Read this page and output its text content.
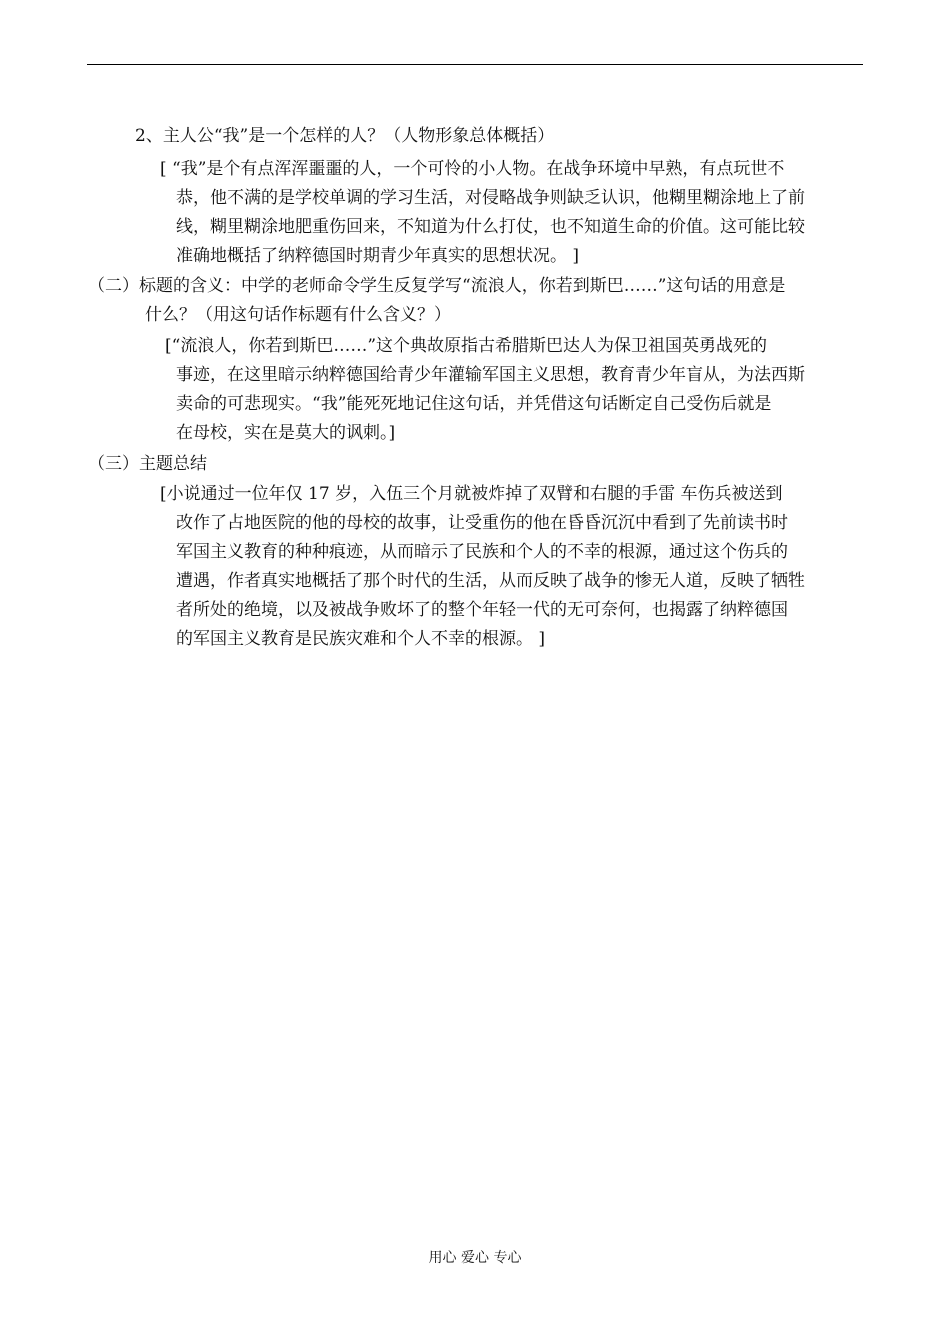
2、主人公“我”是一个怎样的人？（人物形象总体概括）
[ “我”是个有点浑浑噩噩的人，一个可怜的小人物。在战争环境中早熟，有点玩世不
恭，他不满的是学校单调的学习生活，对侵略战争则缺乏认识，他糊里糊涂地上了前
线，糊里糊涂地肥重伤回来，不知道为什么打仗，也不知道生命的价值。这可能比较
准确地概括了纳粹德国时期青少年真实的思想状况。 ]
（二）标题的含义：中学的老师命令学生反复学写“流浪人，你若到斯巴……”这句话的用意是
什么？（用这句话作标题有什么含义？）
[“流浪人，你若到斯巴……”这个典故原指古希腊斯巴达人为保卫祖国英勇战死的
事迹，在这里暗示纳粹德国给青少年灌输军国主义思想，教育青少年盲从，为法西斯
卖命的可悲现实。“我”能死死地记住这句话，并凭借这句话断定自己受伤后就是
在母校，实在是莫大的讽刺。]
（三）主题总结
[小说通过一位年仅 17 岁，入伍三个月就被炸掉了双臂和右腿的手雷 车伤兵被送到
改作了占地医院的他的母校的故事，让受重伤的他在昏昏沉沉中看到了先前读书时
军国主义教育的种种痕迹，从而暗示了民族和个人的不幸的根源，通过这个伤兵的
遭遇，作者真实地概括了那个时代的生活，从而反映了战争的惨无人道，反映了牺牲
者所处的绝境，以及被战争败坏了的整个年轻一代的无可奈何，也揭露了纳粹德国
的军国主义教育是民族灾难和个人不幸的根源。 ]
用心 爱心 专心
